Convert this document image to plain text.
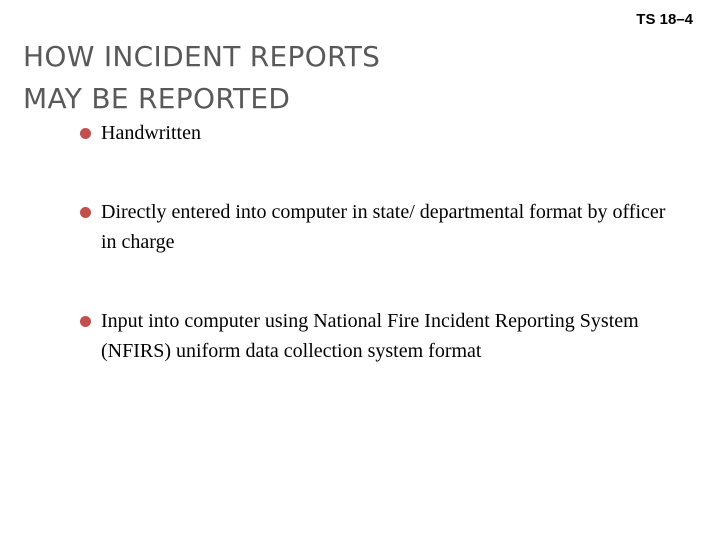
TS 18–4
HOW INCIDENT REPORTS
MAY BE REPORTED
Handwritten
Directly entered into computer in state/ departmental format by officer in charge
Input into computer using National Fire Incident Reporting System (NFIRS) uniform data collection system format
